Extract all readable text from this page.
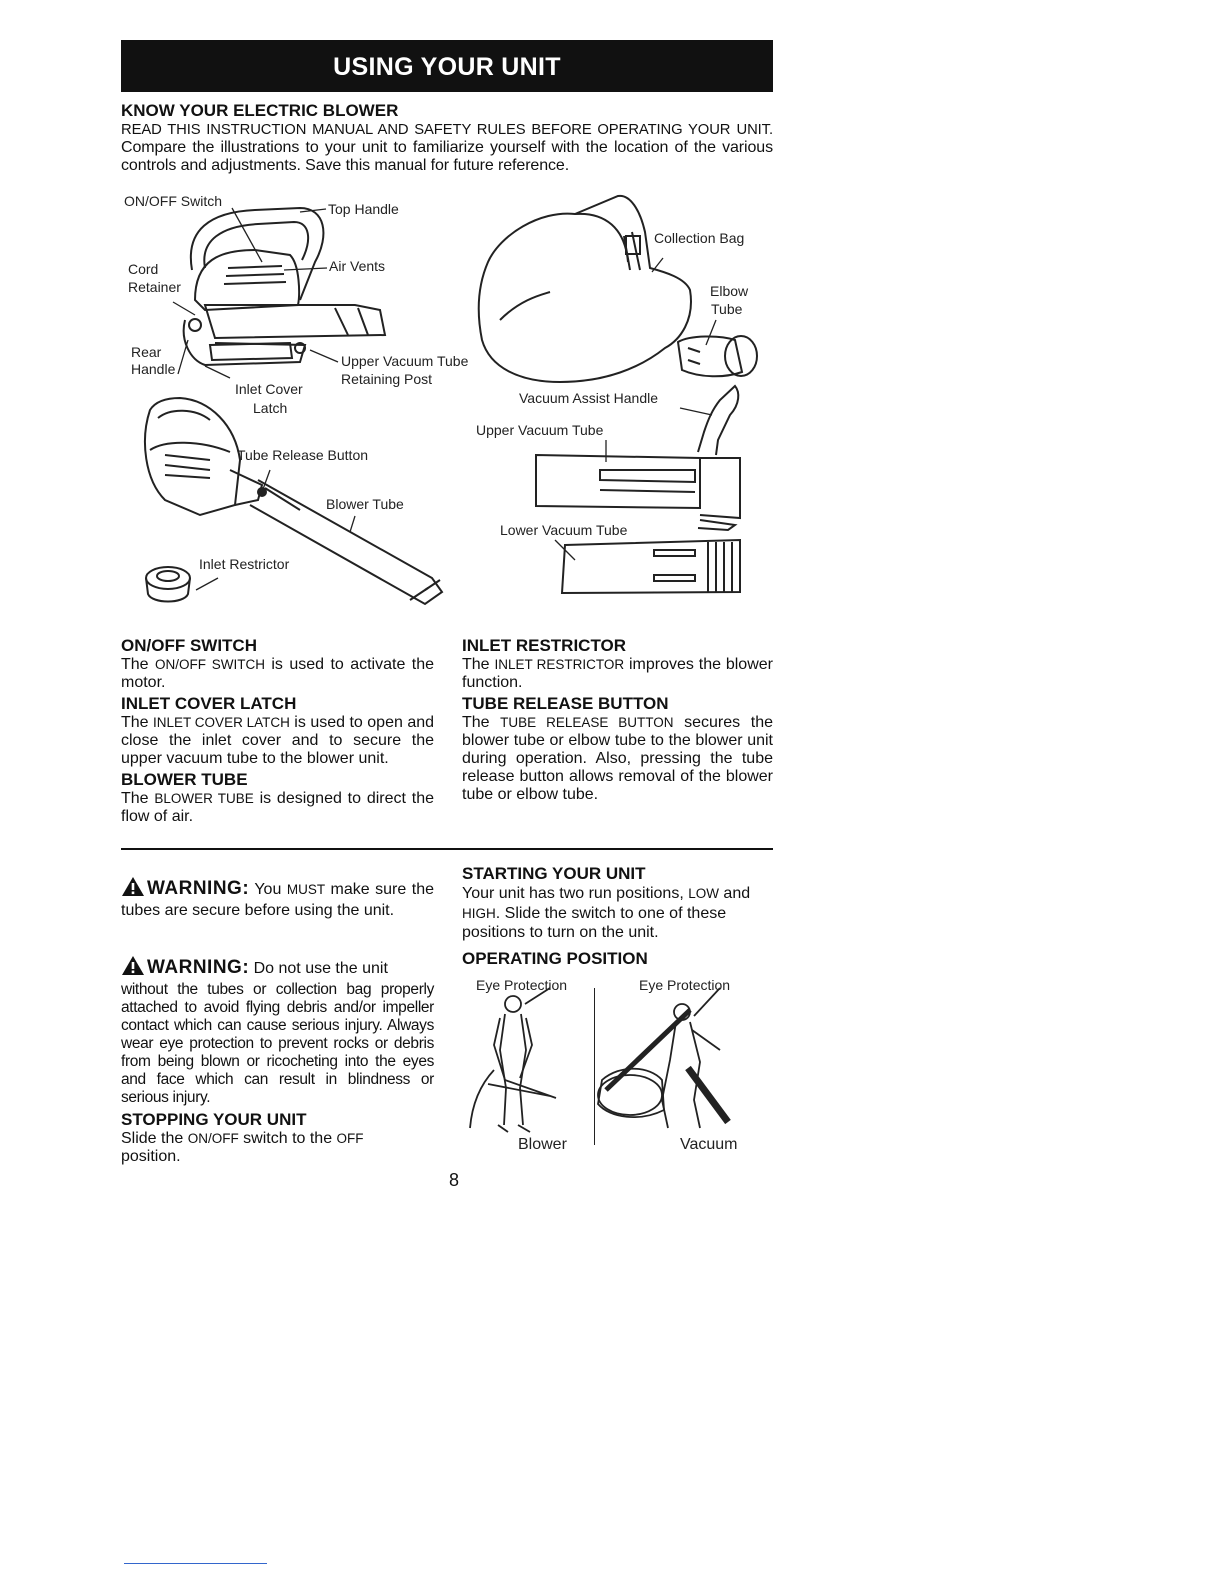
USING YOUR UNIT
KNOW YOUR ELECTRIC BLOWER
READ THIS INSTRUCTION MANUAL AND SAFETY RULES BEFORE OPERATING YOUR UNIT. Compare the illustrations to your unit to familiarize yourself with the location of the various controls and adjustments. Save this manual for future reference.
ON/OFF Switch	Top Handle
Cord
Retainer
Air Vents
Rear
Handle	Upper Vacuum Tube
Retaining Post
Inlet Cover
Latch
Tube Release Button
Blower Tube
Inlet Restrictor
Collection Bag
Elbow
Tube
Vacuum Assist Handle
Upper Vacuum Tube
Lower Vacuum Tube
ON/OFF SWITCH
The ON/OFF SWITCH is used to activate the motor.
INLET COVER LATCH
The INLET COVER LATCH is used to open and close the inlet cover and to secure the upper vacuum tube to the blower unit.
BLOWER TUBE
The BLOWER TUBE is designed to direct the flow of air.
INLET RESTRICTOR
The INLET RESTRICTOR improves the blower function.
TUBE RELEASE BUTTON
The TUBE RELEASE BUTTON secures the blower tube or elbow tube to the blower unit during operation. Also, pressing the tube release button allows removal of the blower tube or elbow tube.
WARNING: You MUST make sure the tubes are secure before using the unit.
WARNING: Do not use the unit
without the tubes or collection bag properly attached to avoid flying debris and/or impeller contact which can cause serious injury. Always wear eye protection to prevent rocks or debris from being blown or ricocheting into the eyes and face which can result in blindness or serious injury.
STOPPING YOUR UNIT
Slide the ON/OFF switch to the OFF position.
STARTING YOUR UNIT
Your unit has two run positions, LOW and HIGH. Slide the switch to one of these positions to turn on the unit.
OPERATING POSITION
Eye Protection	Eye Protection
Blower	Vacuum
8
